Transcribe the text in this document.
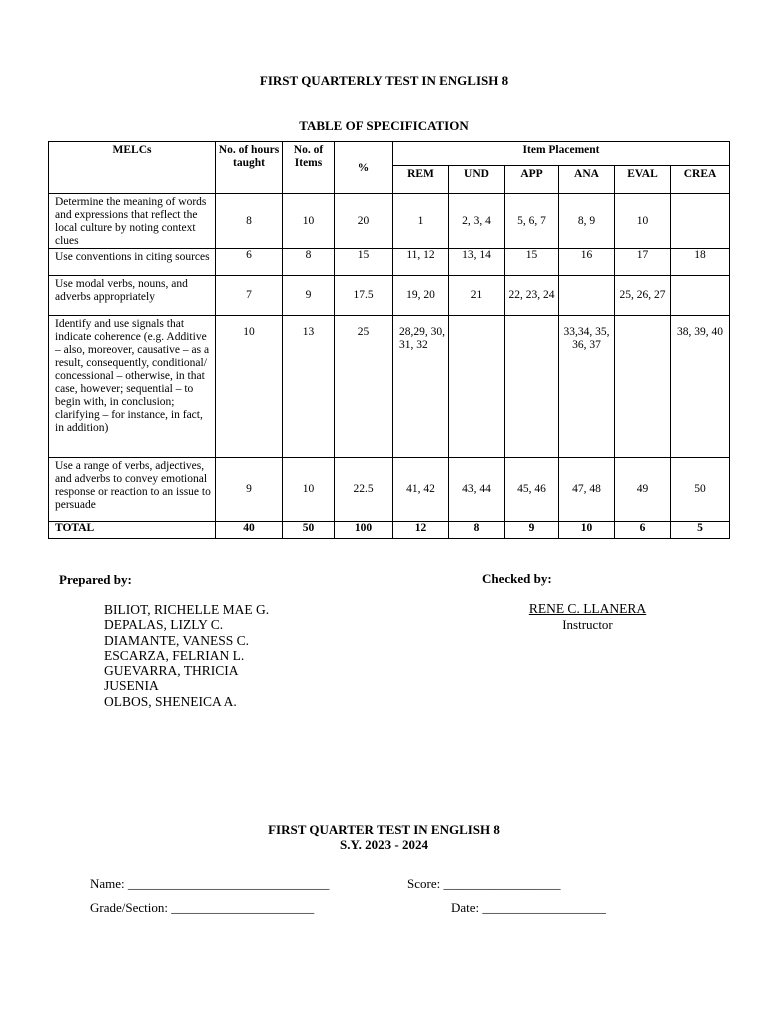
FIRST QUARTERLY TEST IN ENGLISH 8
TABLE OF SPECIFICATION
MELCs	No. of hours taught	No. of Items	%	Item Placement					
				REM	UND	APP	ANA	EVAL	CREA
Determine the meaning of words and expressions that reflect the local culture by noting context clues	8	10	20	1	2, 3, 4	5, 6, 7	8, 9	10	
Use conventions in citing sources	6	8	15	11, 12	13, 14	15	16	17	18
Use modal verbs, nouns, and adverbs appropriately	7	9	17.5	19, 20	21	22, 23, 24		25, 26, 27	
Identify and use signals that indicate coherence (e.g. Additive – also, moreover, causative – as a result, consequently, conditional/ concessional – otherwise, in that case, however; sequential – to begin with, in conclusion; clarifying – for instance, in fact, in addition)	10	13	25	28,29, 30, 31, 32			33,34, 35, 36, 37		38, 39, 40
Use a range of verbs, adjectives, and adverbs to convey emotional response or reaction to an issue to persuade	9	10	22.5	41, 42	43, 44	45, 46	47, 48	49	50
TOTAL	40	50	100	12	8	9	10	6	5
Prepared by:
BILIOT, RICHELLE MAE G.
DEPALAS, LIZLY C.
DIAMANTE, VANESS C.
ESCARZA, FELRIAN L.
GUEVARRA, THRICIA
JUSENIA
OLBOS, SHENEICA A.
Checked by:
RENE C. LLANERA
Instructor
FIRST QUARTER TEST IN ENGLISH 8
S.Y. 2023 - 2024
Name: _______________________________	Score: __________________
Grade/Section: ______________________	Date: ___________________
